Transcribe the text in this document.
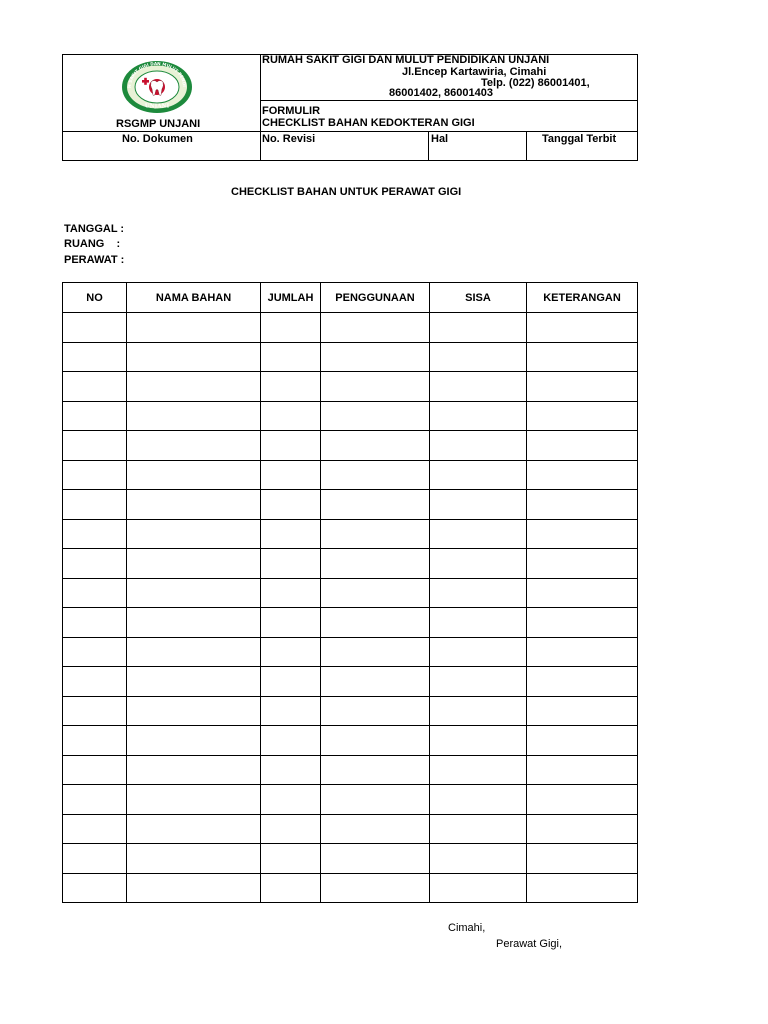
H SAKIT GIGI DAN MULUT PENDI
UNJANI
RSGMP UNJANI
RUMAH SAKIT GIGI DAN MULUT PENDIDIKAN UNJANI
Jl.Encep Kartawiria, Cimahi
Telp. (022) 86001401,
86001402, 86001403
FORMULIR
CHECKLIST BAHAN KEDOKTERAN GIGI
No. Dokumen	No. Revisi	Hal	Tanggal Terbit
CHECKLIST BAHAN UNTUK PERAWAT GIGI
TANGGAL :
RUANG    :
PERAWAT :
NO	NAMA BAHAN	JUMLAH	PENGGUNAAN	SISA	KETERANGAN

Cimahi,
Perawat Gigi,
